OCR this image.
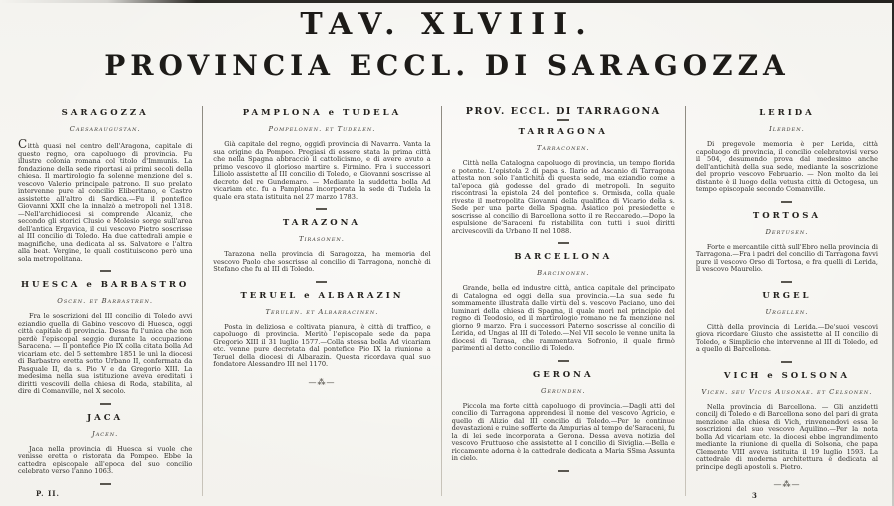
TAV. XLVIII.
PROVINCIA ECCL. DI SARAGOZZA
SARAGOZZA
Caesaraugustan.

Città quasi nel centro dell'Aragona, capitale di questo regno, ora capoluogo di provincia. Fu illustre colonia romana col titolo d'Immunis. La fondazione della sede riportasi ai primi secoli della chiesa. Il martirologio fa solenne menzione del s. vescovo Valerio principale patrono. Il suo prelato intervenne pure al concilio Eliberitano, e Castro assistette all'altro di Sardica.—Fu il pontefice Giovanni XXII che la innalzò a metropoli nel 1318.—Nell'archidiocesi si comprende Alcaniz, che secondo gli storici Clusio e Molesio sorge sull'area dell'antica Ergavica, il cui vescovo Pietro soscrisse al III concilio di Toledo. Ha due cattedrali ampie e magnifiche, una dedicata al ss. Salvatore e l'altra alla beat. Vergine, le quali costituiscono però una sola metropolitana.

HUESCA e BARBASTRO
Oscen. et Barbastren.

Fra le soscrizioni del III concilio di Toledo avvi eziandio quella di Gabino vescovo di Huesca, oggi città capitale di provincia. Dessa fu l'unica che non perdè l'episcopal seggio durante la occupazione Saracena. — Il pontefice Pio IX colla citata bolla Ad vicariam etc. del 5 settembre 1851 le unì la diocesi di Barbastro eretta sotto Urbano II, confermata da Pasquale II, da s. Pio V e da Gregorio XIII. La medesima nella sua istituzione aveva ereditati i diritti vescovili della chiesa di Roda, stabilita, al dire di Comanville, nel X secolo.

JACA
Jacen.

Jaca nella provincia di Huesca si vuole che venisse eretta o ristorata da Pompeo. Ebbe la cattedra episcopale all'epoca del suo concilio celebrato verso l'anno 1063.

PAMPLONA e TUDELA
Pompelonen. et Tudelen.

Già capitale del regno, oggidì provincia di Navarra. Vanta la sua origine da Pompeo. Pregiasi di essere stata la prima città che nella Spagna abbracciò il cattolicismo, e di avere avuto a primo vescovo il glorioso martire s. Firmino. Fra i successori Liliolo assistette al III concilio di Toledo, e Giovanni soscrisse al decreto del re Gundemaro. — Mediante la suddetta bolla Ad vicariam etc. fu a Pamplona incorporata la sede di Tudela la quale era stata istituita nel 27 marzo 1783.

TARAZONA
Tirasonen.

Tarazona nella provincia di Saragozza, ha memoria del vescovo Paolo che soscrisse al concilio di Tarragona, nonchè di Stefano che fu al III di Toledo.

TERUEL e ALBARAZIN
Terulen. et Albarracinen.

Posta in deliziosa e coltivata pianura, è città di traffico, e capoluogo di provincia. Meritò l'episcopale sede da papa Gregorio XIII il 31 luglio 1577.—Colla stessa bolla Ad vicariam etc. venne pure decretata dal pontefice Pio IX la riunione a Teruel della diocesi di Albarazin. Questa ricordava qual suo fondatore Alessandro III nel 1170.

—⁂—
PROV. ECCL. DI TARRAGONA
TARRAGONA
Tarraconen.

Città nella Catalogna capoluogo di provincia, un tempo florida e potente. L'epistola 2 di papa s. Ilario ad Ascanio di Tarragona attesta non solo l'antichità di questa sede, ma eziandio come a tal'epoca già godesse del grado di metropoli. In seguito riscontrasi la epistola 24 del pontefice s. Ormisda, colla quale riveste il metropolita Giovanni della qualifica di Vicario della s. Sede per una parte della Spagna. Asiatico poi presiedette e soscrisse al concilio di Barcellona sotto il re Reccaredo.—Dopo la espulsione de'Saraceni fu ristabilita con tutti i suoi diritti arcivescovili da Urbano II nel 1088.

BARCELLONA
Barcinonen.

Grande, bella ed industre città, antica capitale del principato di Catalogna ed oggi della sua provincia.—La sua sede fu sommamente illustrata dalle virtù del s. vescovo Paciano, uno dei luminari della chiesa di Spagna, il quale morì nel principio del regno di Teodosio, ed il martirologio romano ne fa menzione nel giorno 9 marzo. Fra i successori Paterno soscrisse al concilio di Lerida, ed Ungas al III di Toledo.—Nel VII secolo le venne unita la diocesi di Tarasa, che rammentava Sofronio, il quale firmò parimenti al detto concilio di Toledo.

GERONA
Gerunden.

Piccola ma forte città capoluogo di provincia.—Dagli atti del concilio di Tarragona apprendesi il nome del vescovo Agricio, e quello di Alizio dal III concilio di Toledo.—Per le continue devastazioni e ruine sofferte da Ampurias al tempo de'Saraceni, fu la di lei sede incorporata a Gerona. Dessa aveva notizia del vescovo Fruttuoso che assistette al I concilio di Siviglia.—Bella e riccamente adorna è la cattedrale dedicata a Maria SSma Assunta in cielo.

LERIDA
Ilerden.

Di pregevole memoria è per Lerida, città capoluogo di provincia, il concilio celebratovisi verso il 504, desumendo prova dal medesimo anche dell'antichità della sua sede, mediante la soscrizione del proprio vescovo Februario. — Non molto da lei distante è il luogo della vetusta città di Octogesa, un tempo episcopale secondo Comanville.

TORTOSA
Dertusen.

Forte e mercantile città sull'Ebro nella provincia di Tarragona.—Fra i padri del concilio di Tarragona favvi pure il vescovo Orso di Tortosa, e fra quelli di Lerida, il vescovo Maurelio.

URGEL
Urgellen.

Città della provincia di Lerida.—De'suoi vescovi giova ricordare Giusto che assistette al II concilio di Toledo, e Simplicio che intervenne al III di Toledo, ed a quello di Barcellona.

VICH e SOLSONA
Vicen. seu Vicus Ausonae. et Celsonen.

Nella provincia di Barcellona. — Gli anzidetti concilj di Toledo e di Barcellona sono del pari di grata menzione alla chiesa di Vich, rinvenendovi essa le soscrizioni del suo vescovo Aquilino.—Per la nota bolla Ad vicariam etc. la diocesi ebbe ingrandimento mediante la riunione di quella di Solsona, che papa Clemente VIII aveva istituita il 19 luglio 1593. La cattedrale di moderna architettura è dedicata al principe degli apostoli s. Pietro.

—⁂—
P. II.	3
